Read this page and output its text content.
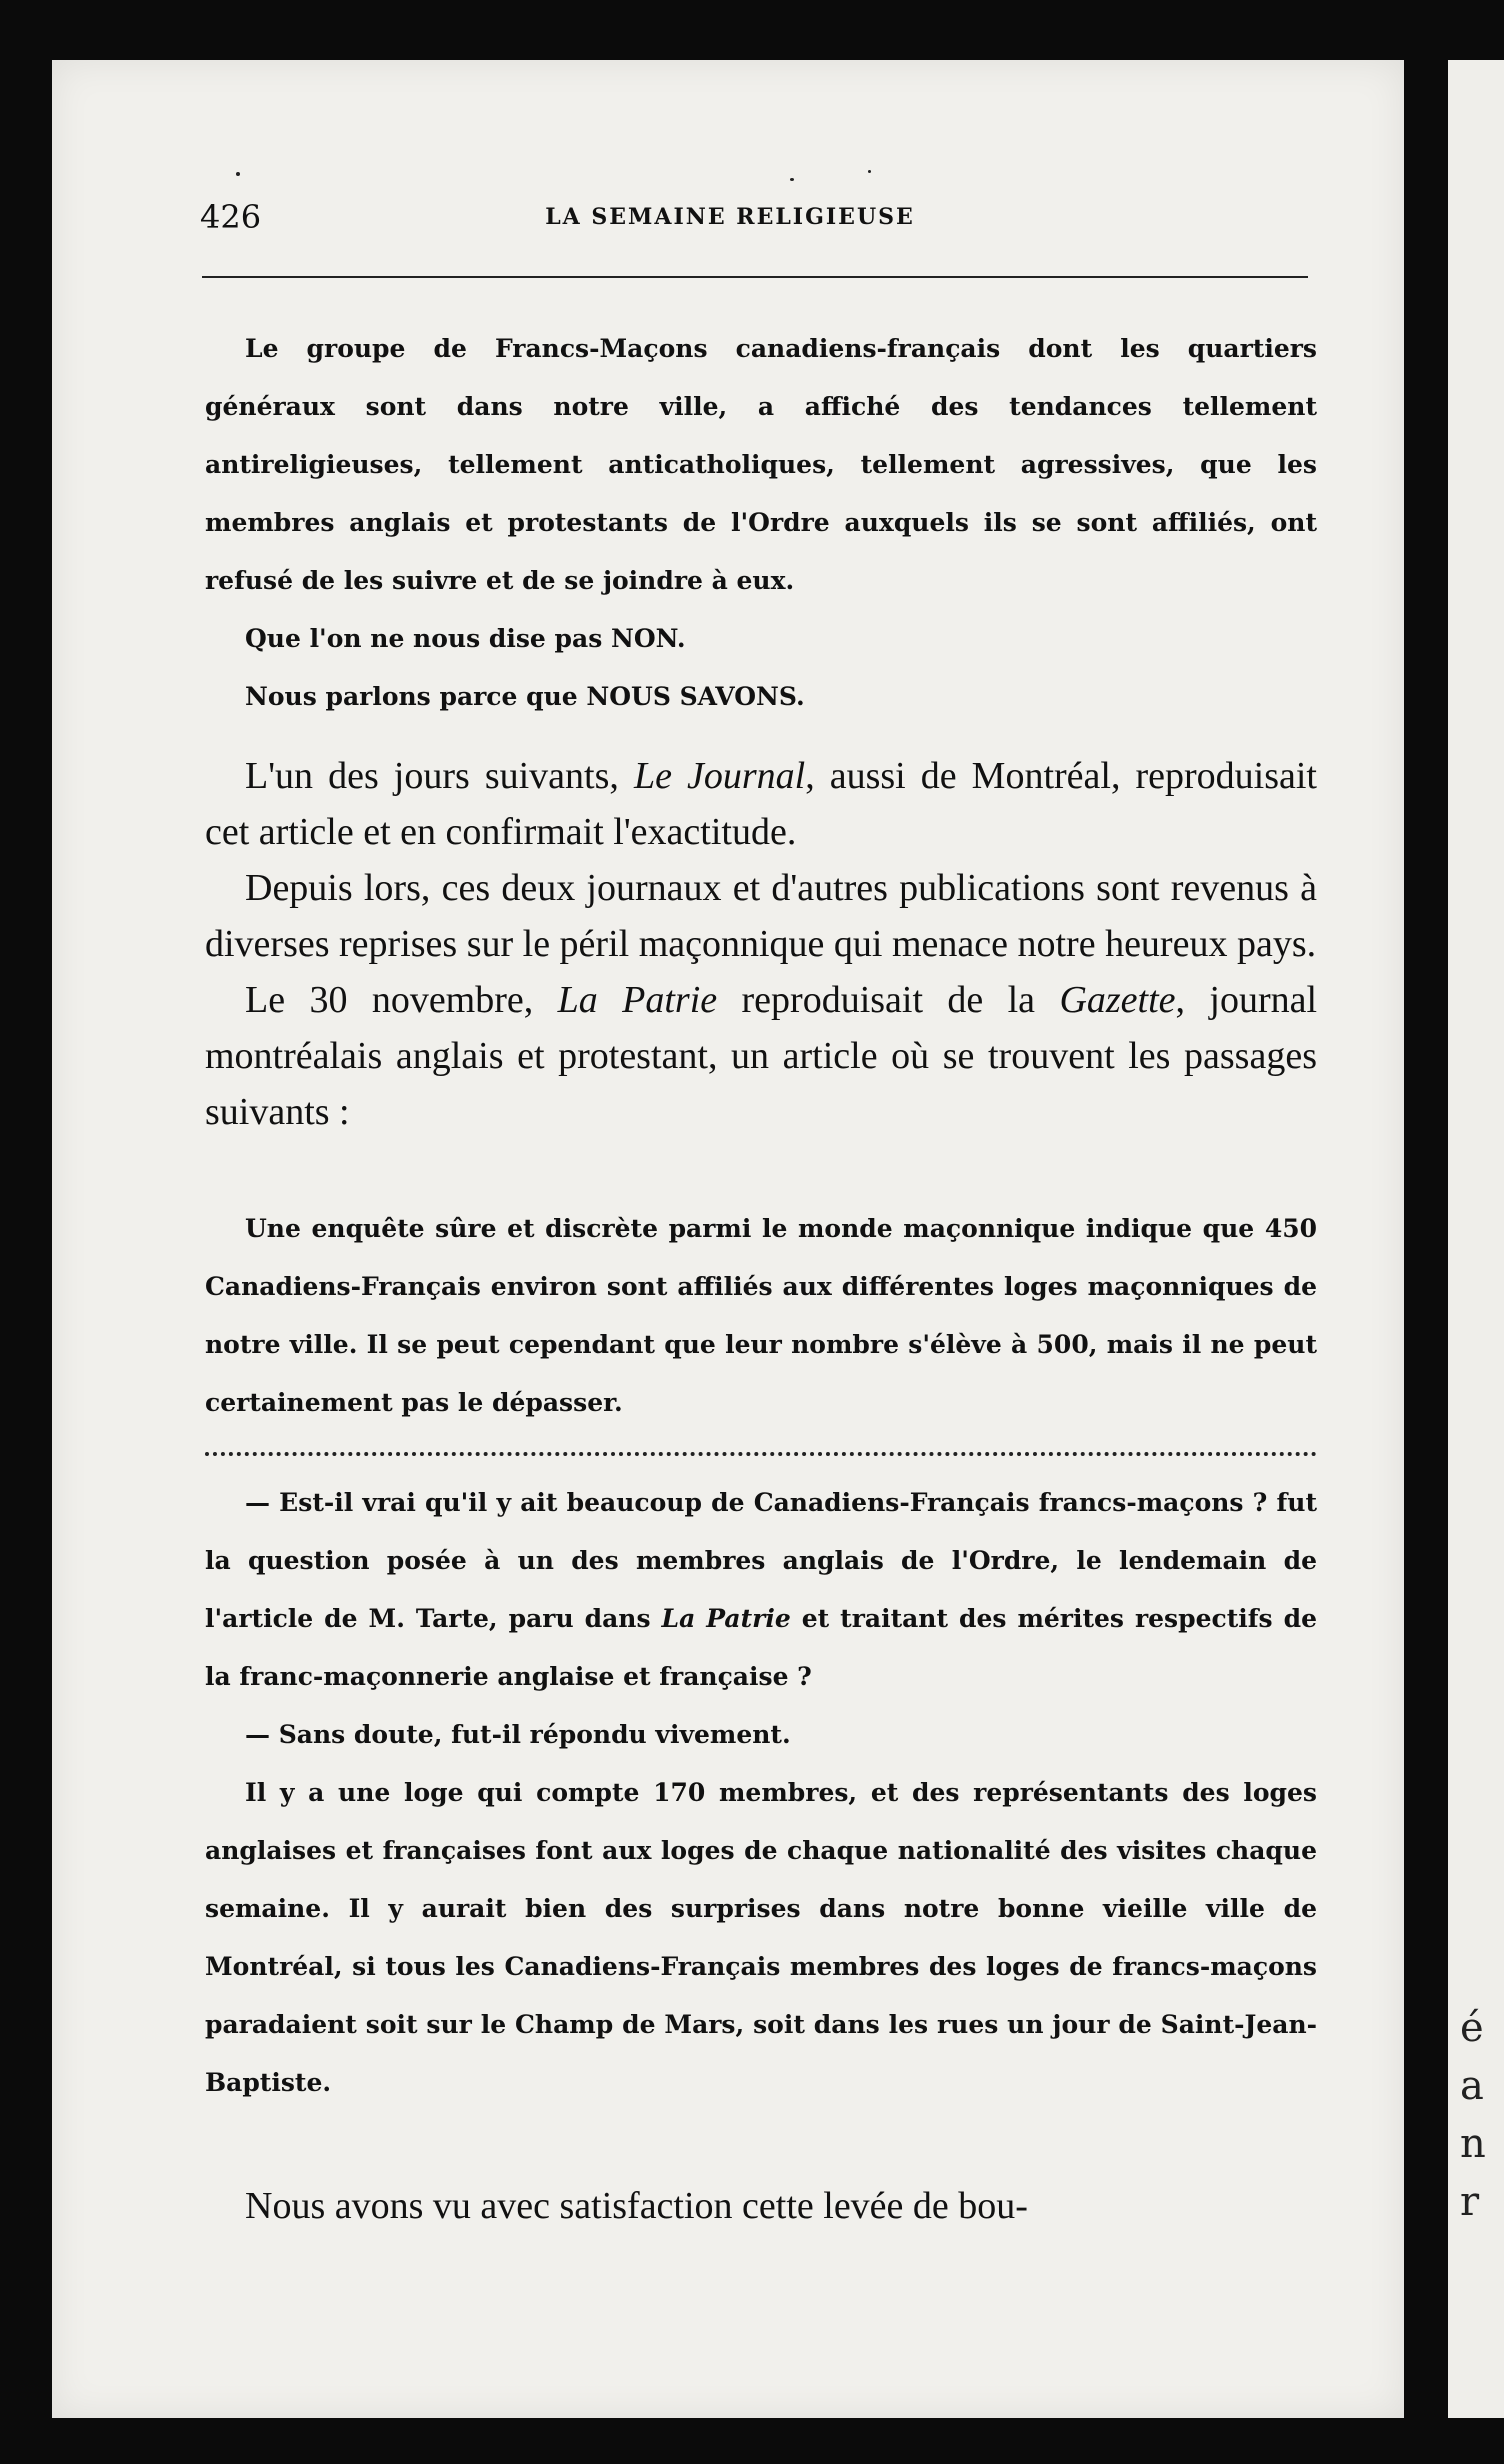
é
a
n
r
426	LA SEMAINE RELIGIEUSE

Le groupe de Francs-Maçons canadiens-français dont les quartiers généraux sont dans notre ville, a affiché des tendances tellement antireligieuses, tellement anticatholiques, tellement agressives, que les membres anglais et protestants de l'Ordre auxquels ils se sont affiliés, ont refusé de les suivre et de se joindre à eux.

Que l'on ne nous dise pas NON.

Nous parlons parce que NOUS SAVONS.

L'un des jours suivants, Le Journal, aussi de Montréal, reproduisait cet article et en confirmait l'exactitude.

Depuis lors, ces deux journaux et d'autres publications sont revenus à diverses reprises sur le péril maçonnique qui menace notre heureux pays.

Le 30 novembre, La Patrie reproduisait de la Gazette, journal montréalais anglais et protestant, un article où se trouvent les passages suivants :

Une enquête sûre et discrète parmi le monde maçonnique indique que 450 Canadiens-Français environ sont affiliés aux différentes loges maçonniques de notre ville. Il se peut cependant que leur nombre s'élève à 500, mais il ne peut certainement pas le dépasser.

— Est-il vrai qu'il y ait beaucoup de Canadiens-Français francs-maçons ? fut la question posée à un des membres anglais de l'Ordre, le lendemain de l'article de M. Tarte, paru dans La Patrie et traitant des mérites respectifs de la franc-maçonnerie anglaise et française ?

— Sans doute, fut-il répondu vivement.

Il y a une loge qui compte 170 membres, et des représentants des loges anglaises et françaises font aux loges de chaque nationalité des visites chaque semaine. Il y aurait bien des surprises dans notre bonne vieille ville de Montréal, si tous les Canadiens-Français membres des loges de francs-maçons paradaient soit sur le Champ de Mars, soit dans les rues un jour de Saint-Jean-Baptiste.

Nous avons vu avec satisfaction cette levée de bou-
